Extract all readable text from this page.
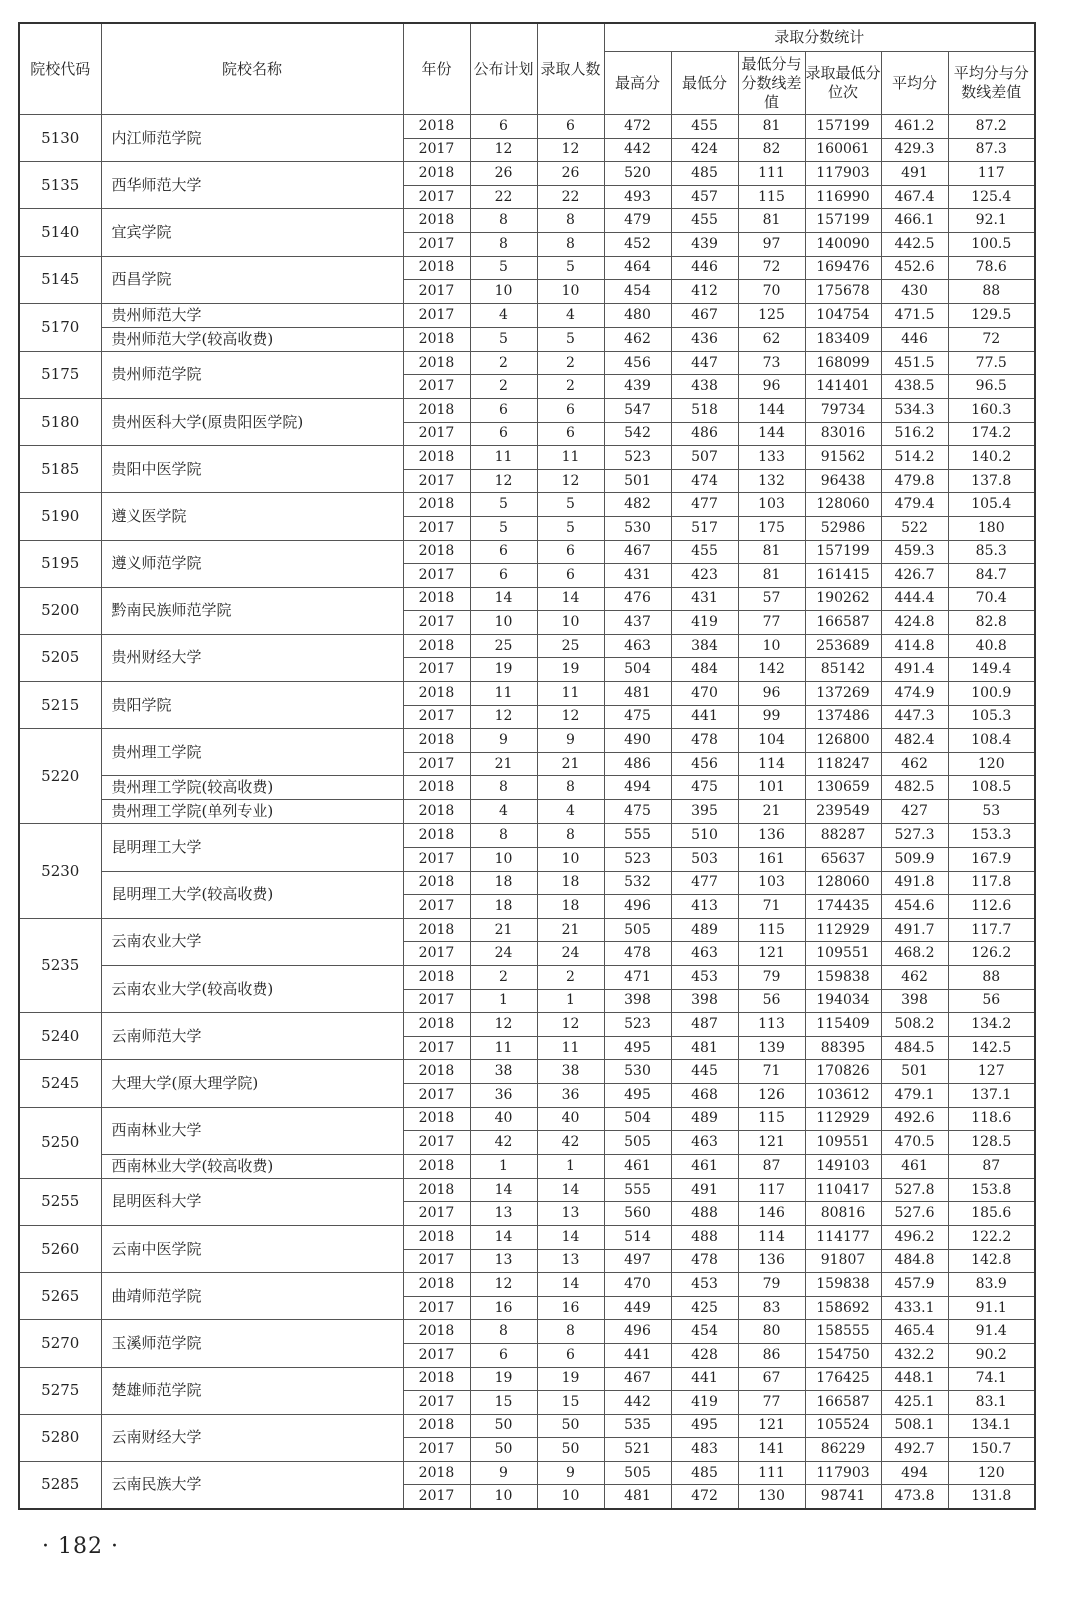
院校代码	院校名称	年份	公布计划	录取人数	录取分数统计					
					最高分	最低分	最低分与分数线差值	录取最低分位次	平均分	平均分与分数线差值
5130	内江师范学院	2018	6	6	472	455	81	157199	461.2	87.2
		2017	12	12	442	424	82	160061	429.3	87.3
5135	西华师范大学	2018	26	26	520	485	111	117903	491	117
		2017	22	22	493	457	115	116990	467.4	125.4
5140	宜宾学院	2018	8	8	479	455	81	157199	466.1	92.1
		2017	8	8	452	439	97	140090	442.5	100.5
5145	西昌学院	2018	5	5	464	446	72	169476	452.6	78.6
		2017	10	10	454	412	70	175678	430	88
5170	贵州师范大学	2017	4	4	480	467	125	104754	471.5	129.5
	贵州师范大学(较高收费)	2018	5	5	462	436	62	183409	446	72
5175	贵州师范学院	2018	2	2	456	447	73	168099	451.5	77.5
		2017	2	2	439	438	96	141401	438.5	96.5
5180	贵州医科大学(原贵阳医学院)	2018	6	6	547	518	144	79734	534.3	160.3
		2017	6	6	542	486	144	83016	516.2	174.2
5185	贵阳中医学院	2018	11	11	523	507	133	91562	514.2	140.2
		2017	12	12	501	474	132	96438	479.8	137.8
5190	遵义医学院	2018	5	5	482	477	103	128060	479.4	105.4
		2017	5	5	530	517	175	52986	522	180
5195	遵义师范学院	2018	6	6	467	455	81	157199	459.3	85.3
		2017	6	6	431	423	81	161415	426.7	84.7
5200	黔南民族师范学院	2018	14	14	476	431	57	190262	444.4	70.4
		2017	10	10	437	419	77	166587	424.8	82.8
5205	贵州财经大学	2018	25	25	463	384	10	253689	414.8	40.8
		2017	19	19	504	484	142	85142	491.4	149.4
5215	贵阳学院	2018	11	11	481	470	96	137269	474.9	100.9
		2017	12	12	475	441	99	137486	447.3	105.3
5220	贵州理工学院	2018	9	9	490	478	104	126800	482.4	108.4
		2017	21	21	486	456	114	118247	462	120
	贵州理工学院(较高收费)	2018	8	8	494	475	101	130659	482.5	108.5
	贵州理工学院(单列专业)	2018	4	4	475	395	21	239549	427	53
5230	昆明理工大学	2018	8	8	555	510	136	88287	527.3	153.3
		2017	10	10	523	503	161	65637	509.9	167.9
	昆明理工大学(较高收费)	2018	18	18	532	477	103	128060	491.8	117.8
		2017	18	18	496	413	71	174435	454.6	112.6
5235	云南农业大学	2018	21	21	505	489	115	112929	491.7	117.7
		2017	24	24	478	463	121	109551	468.2	126.2
	云南农业大学(较高收费)	2018	2	2	471	453	79	159838	462	88
		2017	1	1	398	398	56	194034	398	56
5240	云南师范大学	2018	12	12	523	487	113	115409	508.2	134.2
		2017	11	11	495	481	139	88395	484.5	142.5
5245	大理大学(原大理学院)	2018	38	38	530	445	71	170826	501	127
		2017	36	36	495	468	126	103612	479.1	137.1
5250	西南林业大学	2018	40	40	504	489	115	112929	492.6	118.6
		2017	42	42	505	463	121	109551	470.5	128.5
	西南林业大学(较高收费)	2018	1	1	461	461	87	149103	461	87
5255	昆明医科大学	2018	14	14	555	491	117	110417	527.8	153.8
		2017	13	13	560	488	146	80816	527.6	185.6
5260	云南中医学院	2018	14	14	514	488	114	114177	496.2	122.2
		2017	13	13	497	478	136	91807	484.8	142.8
5265	曲靖师范学院	2018	12	14	470	453	79	159838	457.9	83.9
		2017	16	16	449	425	83	158692	433.1	91.1
5270	玉溪师范学院	2018	8	8	496	454	80	158555	465.4	91.4
		2017	6	6	441	428	86	154750	432.2	90.2
5275	楚雄师范学院	2018	19	19	467	441	67	176425	448.1	74.1
		2017	15	15	442	419	77	166587	425.1	83.1
5280	云南财经大学	2018	50	50	535	495	121	105524	508.1	134.1
		2017	50	50	521	483	141	86229	492.7	150.7
5285	云南民族大学	2018	9	9	505	485	111	117903	494	120
		2017	10	10	481	472	130	98741	473.8	131.8
· 182 ·
